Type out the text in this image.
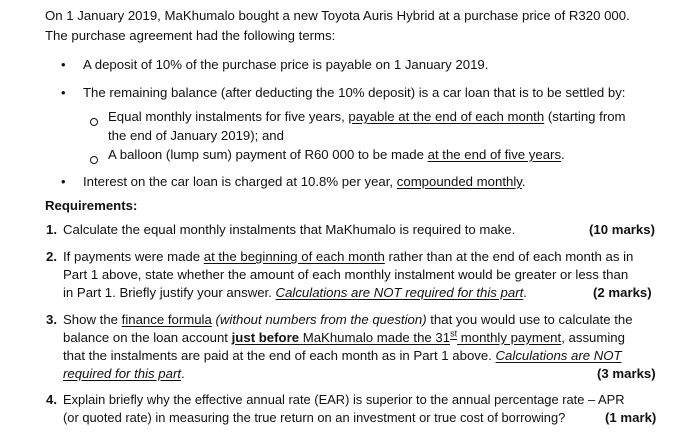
On 1 January 2019, MaKhumalo bought a new Toyota Auris Hybrid at a purchase price of R320 000.
The purchase agreement had the following terms:
• A deposit of 10% of the purchase price is payable on 1 January 2019.
• The remaining balance (after deducting the 10% deposit) is a car loan that is to be settled by:
Equal monthly instalments for five years, payable at the end of each month (starting from
the end of January 2019); and
A balloon (lump sum) payment of R60 000 to be made at the end of five years.
• Interest on the car loan is charged at 10.8% per year, compounded monthly.
Requirements:
1. Calculate the equal monthly instalments that MaKhumalo is required to make.	(10 marks)
2. If payments were made at the beginning of each month rather than at the end of each month as in
Part 1 above, state whether the amount of each monthly instalment would be greater or less than
in Part 1. Briefly justify your answer. Calculations are NOT required for this part.	(2 marks)
3. Show the finance formula (without numbers from the question) that you would use to calculate the
balance on the loan account just before MaKhumalo made the 31st monthly payment, assuming
that the instalments are paid at the end of each month as in Part 1 above. Calculations are NOT
required for this part.	(3 marks)
4. Explain briefly why the effective annual rate (EAR) is superior to the annual percentage rate – APR
(or quoted rate) in measuring the true return on an investment or true cost of borrowing?	(1 mark)
